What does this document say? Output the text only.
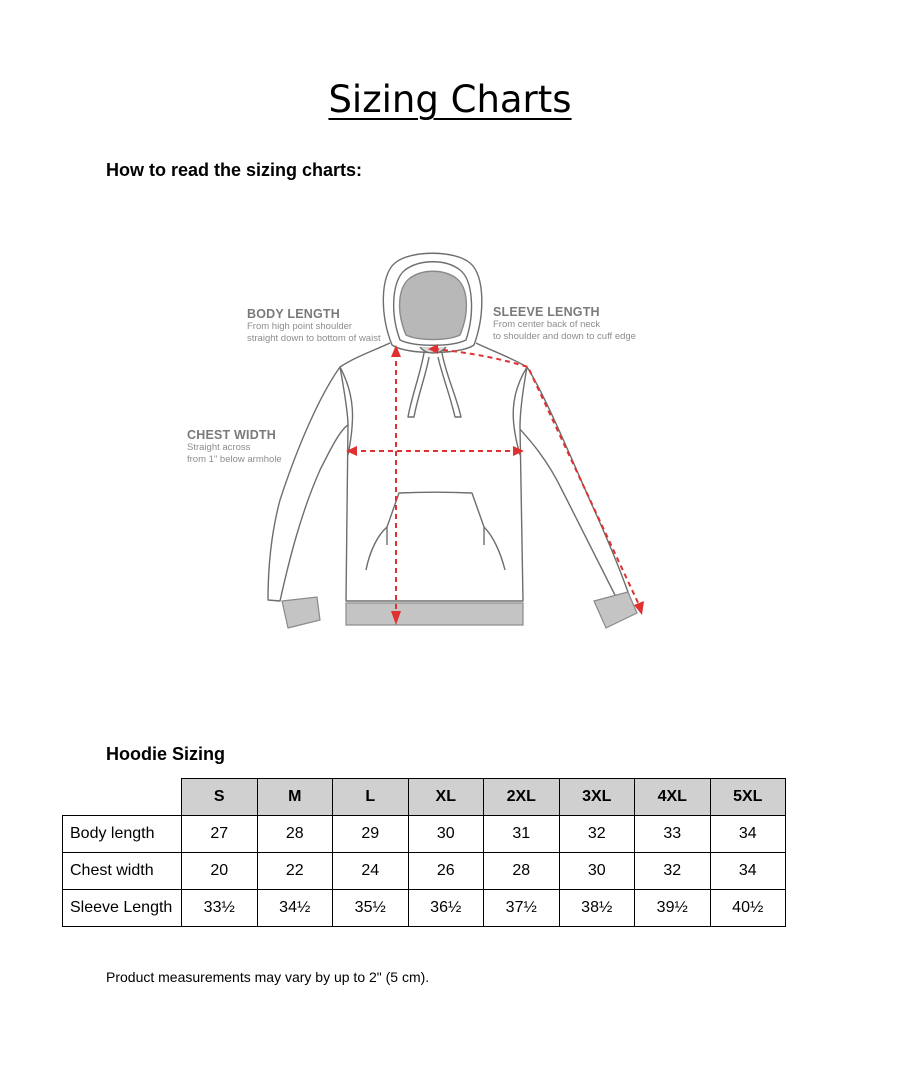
Sizing Charts
How to read the sizing charts:
BODY LENGTH
From high point shoulder
straight down to bottom of waist
SLEEVE LENGTH
From center back of neck
to shoulder and down to cuff edge
CHEST WIDTH
Straight across
from 1" below armhole
Hoodie Sizing
	S	M	L	XL	2XL	3XL	4XL	5XL
Body length	27	28	29	30	31	32	33	34
Chest width	20	22	24	26	28	30	32	34
Sleeve Length	33½	34½	35½	36½	37½	38½	39½	40½
Product measurements may vary by up to 2" (5 cm).
